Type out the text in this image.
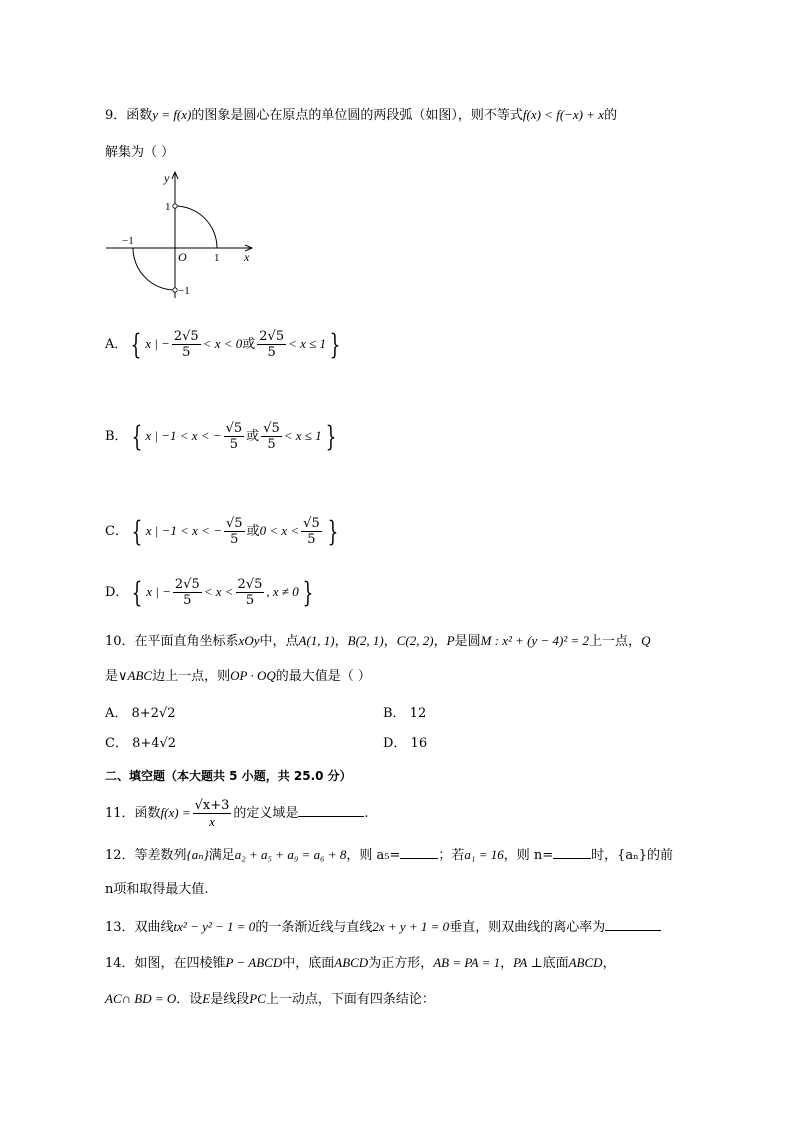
9．函数y = f(x)的图象是圆心在原点的单位圆的两段弧（如图），则不等式f(x) < f(−x) + x的
解集为（ ）
y
x
O
1
−1
−1
1
A． { x | − $\frac{2√5}{5} < x < 0$或 $\frac{2√5}{5} < x \le 1$ }
B． { x | −1 < x < − $\frac{√5}{5}$ 或 $\frac{√5}{5} < x \le 1$ }
C． { x | −1 < x < − $\frac{√5}{5}$ 或$0 < x < \frac{√5}{5}$ }
D． { x | − $\frac{2√5}{5} < x < \frac{2√5}{5}$ , x ≠ 0 }
10．在平面直角坐标系xOy中，点A(1, 1)，B(2, 1)，C(2, 2)，P是圆M : x² + (y − 4)² = 2上一点，Q
是∨ABC边上一点，则OP · OQ的最大值是（ ）
A． 8+2√2	B． 12
C． 8+4√2	D． 16
二、填空题（本大题共 5 小题，共 25.0 分）
11．函数$f(x) = \frac{√x+3}{x}$ 的定义域是	.
12．等差数列{aₙ}满足a₂ + a₅ + a₉ = a₆ + 8，则 a₅=	；若a₁ = 16，则 n=	时，{aₙ}的前
n项和取得最大值.
13．双曲线tx² − y² − 1 = 0的一条渐近线与直线2x + y + 1 = 0垂直，则双曲线的离心率为
14．如图，在四棱锥P − ABCD中，底面ABCD为正方形，AB = PA = 1，PA ⊥底面ABCD，
AC∩ BD = O．设E是线段PC上一动点，下面有四条结论：
